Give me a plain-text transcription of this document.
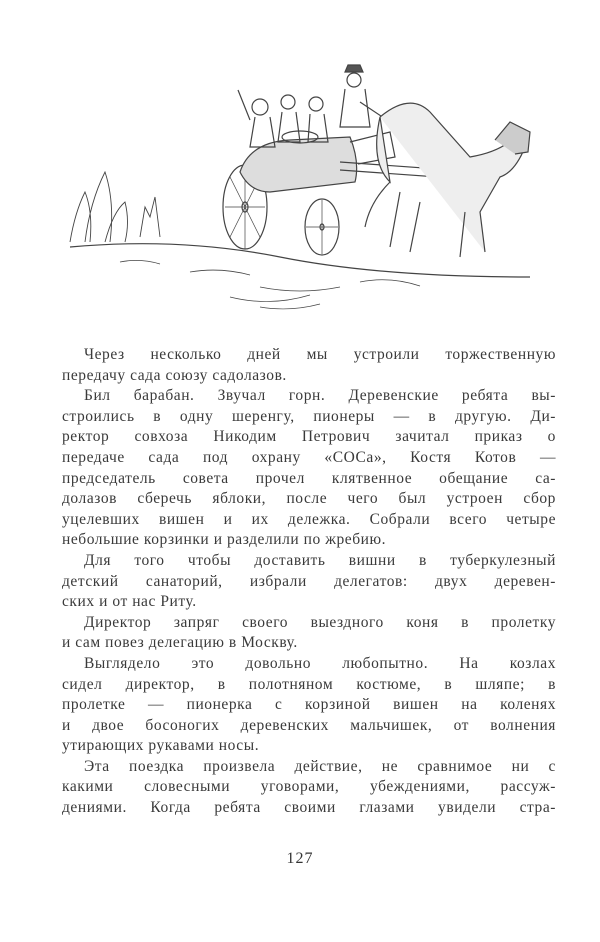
Через несколько дней мы устроили торжественную
передачу сада союзу садолазов.
Бил барабан. Звучал горн. Деревенские ребята вы-
строились в одну шеренгу, пионеры — в другую. Ди-
ректор совхоза Никодим Петрович зачитал приказ о
передаче сада под охрану «СОСа», Костя Котов —
председатель совета прочел клятвенное обещание са-
долазов сберечь яблоки, после чего был устроен сбор
уцелевших вишен и их дележка. Собрали всего четыре
небольшие корзинки и разделили по жребию.
Для того чтобы доставить вишни в туберкулезный
детский санаторий, избрали делегатов: двух деревен-
ских и от нас Риту.
Директор запряг своего выездного коня в пролетку
и сам повез делегацию в Москву.
Выглядело это довольно любопытно. На козлах
сидел директор, в полотняном костюме, в шляпе; в
пролетке — пионерка с корзиной вишен на коленях
и двое босоногих деревенских мальчишек, от волнения
утирающих рукавами носы.
Эта поездка произвела действие, не сравнимое ни с
какими словесными уговорами, убеждениями, рассуж-
дениями. Когда ребята своими глазами увидели стра-
127
